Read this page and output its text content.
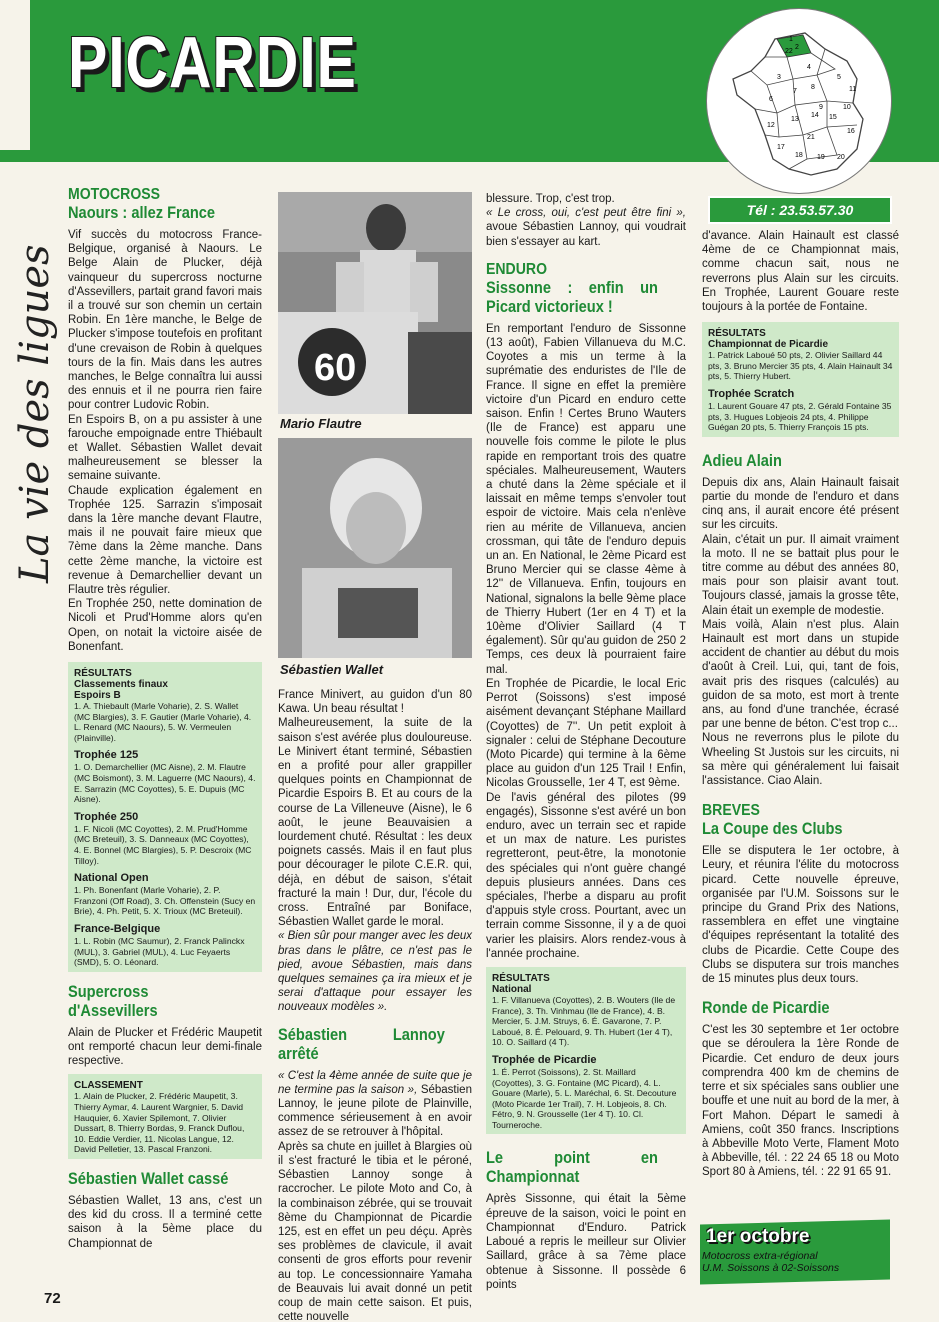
PICARDIE	22
2
3
4
5
6
7
8
9	10
11
12
13
14 15
16
17
18 19 20
21
23
1
Tél : 23.53.57.30
La vie des ligues
MOTOCROSS
Naours : allez France

Vif succès du motocross France-Belgique, organisé à Naours. Le Belge Alain de Plucker, déjà vainqueur du supercross nocturne d'Assevillers, partait grand favori mais il a trouvé sur son chemin un certain Robin. En 1ère manche, le Belge de Plucker s'impose toutefois en profitant d'une crevaison de Robin à quelques tours de la fin. Mais dans les autres manches, le Belge connaîtra lui aussi des ennuis et il ne pourra rien faire pour contrer Ludovic Robin.

En Espoirs B, on a pu assister à une farouche empoignade entre Thiébault et Wallet. Sébastien Wallet devait malheureusement se blesser la semaine suivante.

Chaude explication également en Trophée 125. Sarrazin s'imposait dans la 1ère manche devant Flautre, mais il ne pouvait faire mieux que 7ème dans la 2ème manche. Dans cette 2ème manche, la victoire est revenue à Demarchellier devant un Flautre très régulier.

En Trophée 250, nette domination de Nicoli et Prud'Homme alors qu'en Open, on notait la victoire aisée de Bonenfant.

RÉSULTATS
Classements finaux
Espoirs B
1. A. Thiebault (Marle Voharie), 2. S. Wallet (MC Blargies), 3. F. Gautier (Marle Voharie), 4. L. Renard (MC Naours), 5. W. Vermeulen (Plainville).
Trophée 125
1. O. Demarchellier (MC Aisne), 2. M. Flautre (MC Boismont), 3. M. Laguerre (MC Naours), 4. E. Sarrazin (MC Coyottes), 5. E. Dupuis (MC Aisne).
Trophée 250
1. F. Nicoli (MC Coyottes), 2. M. Prud'Homme (MC Breteuil), 3. S. Danneaux (MC Coyottes), 4. E. Bonnel (MC Blargies), 5. P. Descroix (MC Tilloy).
National Open
1. Ph. Bonenfant (Marle Voharie), 2. P. Franzoni (Off Road), 3. Ch. Offenstein (Sucy en Brie), 4. Ph. Petit, 5. X. Trioux (MC Breteuil).
France-Belgique
1. L. Robin (MC Saumur), 2. Franck Palinckx (MUL), 3. Gabriel (MUL), 4. Luc Feyaerts (SMD), 5. O. Léonard.
Supercross d'Assevillers

Alain de Plucker et Frédéric Maupetit ont remporté chacun leur demi-finale respective.

CLASSEMENT
1. Alain de Plucker, 2. Frédéric Maupetit, 3. Thierry Aymar, 4. Laurent Wargnier, 5. David Hauquier, 6. Xavier Spilemont, 7. Olivier Dussart, 8. Thierry Bordas, 9. Franck Duflou, 10. Eddie Verdier, 11. Nicolas Langue, 12. David Pelletier, 13. Pascal Franzoni.
Sébastien Wallet cassé

Sébastien Wallet, 13 ans, c'est un des kid du cross. Il a terminé cette saison à la 5ème place du Championnat de

60
Mario Flautre
Sébastien Wallet

France Minivert, au guidon d'un 80 Kawa. Un beau résultat !

Malheureusement, la suite de la saison s'est avérée plus douloureuse. Le Minivert étant terminé, Sébastien en a profité pour aller grappiller quelques points en Championnat de Picardie Espoirs B. Et au cours de la course de La Villeneuve (Aisne), le 6 août, le jeune Beauvaisien a lourdement chuté. Résultat : les deux poignets cassés. Mais il en faut plus pour décourager le pilote C.E.R. qui, déjà, en début de saison, s'était fracturé la main ! Dur, dur, l'école du cross. Entraîné par Boniface, Sébastien Wallet garde le moral.

« Bien sûr pour manger avec les deux bras dans le plâtre, ce n'est pas le pied, avoue Sébastien, mais dans quelques semaines ça ira mieux et je serai d'attaque pour essayer les nouveaux modèles ».

Sébastien Lannoy arrêté

« C'est la 4ème année de suite que je ne termine pas la saison », Sébastien Lannoy, le jeune pilote de Plainville, commence sérieusement à en avoir assez de se retrouver à l'hôpital.

Après sa chute en juillet à Blargies où il s'est fracturé le tibia et le péroné, Sébastien Lannoy songe à raccrocher. Le pilote Moto and Co, à la combinaison zébrée, qui se trouvait 8ème du Championnat de Picardie 125, est en effet un peu déçu. Après ses problèmes de clavicule, il avait consenti de gros efforts pour revenir au top. Le concessionnaire Yamaha de Beauvais lui avait donné un petit coup de main cette saison. Et puis, cette nouvelle

blessure. Trop, c'est trop.

« Le cross, oui, c'est peut être fini », avoue Sébastien Lannoy, qui voudrait bien s'essayer au kart.

ENDURO
Sissonne : enfin un Picard victorieux !

En remportant l'enduro de Sissonne (13 août), Fabien Villanueva du M.C. Coyotes a mis un terme à la suprématie des enduristes de l'Ile de France. Il signe en effet la première victoire d'un Picard en enduro cette saison. Enfin ! Certes Bruno Wauters (Ile de France) est apparu une nouvelle fois comme le pilote le plus rapide en remportant trois des quatre spéciales. Malheureusement, Wauters a chuté dans la 2ème spéciale et il laissait en même temps s'envoler tout espoir de victoire. Mais cela n'enlève rien au mérite de Villanueva, ancien crossman, qui tâte de l'enduro depuis un an. En National, le 2ème Picard est Bruno Mercier qui se classe 4ème à 12'' de Villanueva. Enfin, toujours en National, signalons la belle 9ème place de Thierry Hubert (1er en 4 T) et la 10ème d'Olivier Saillard (4 T également). Sûr qu'au guidon de 250 2 Temps, ces deux là pourraient faire mal.

En Trophée de Picardie, le local Eric Perrot (Soissons) s'est imposé aisément devançant Stéphane Maillard (Coyottes) de 7''. Un petit exploit à signaler : celui de Stéphane Decouture (Moto Picarde) qui termine à la 6ème place au guidon d'un 125 Trail ! Enfin, Nicolas Grousselle, 1er 4 T, est 9ème.

De l'avis général des pilotes (99 engagés), Sissonne s'est avéré un bon enduro, avec un terrain sec et rapide et un max de nature. Les puristes regretteront, peut-être, la monotonie des spéciales qui n'ont guère changé depuis plusieurs années. Dans ces spéciales, l'herbe a disparu au profit d'appuis style cross. Pourtant, avec un terrain comme Sissonne, il y a de quoi varier les plaisirs. Alors rendez-vous à l'année prochaine.

RÉSULTATS
National
1. F. Villanueva (Coyottes), 2. B. Wouters (Ile de France), 3. Th. Vinhmau (Ile de France), 4. B. Mercier, 5. J.M. Struys, 6. É. Gavarone, 7. P. Laboué, 8. É. Pelouard, 9. Th. Hubert (1er 4 T), 10. O. Saillard (4 T).
Trophée de Picardie
1. É. Perrot (Soissons), 2. St. Maillard (Coyottes), 3. G. Fontaine (MC Picard), 4. L. Gouare (Marle), 5. L. Maréchal, 6. St. Decouture (Moto Picarde 1er Trail), 7. H. Lobjeois, 8. Ch. Fétro, 9. N. Grousselle (1er 4 T). 10. Cl. Tourneroche.
Le point en Championnat

Après Sissonne, qui était la 5ème épreuve de la saison, voici le point en Championnat d'Enduro. Patrick Laboué a repris le meilleur sur Olivier Saillard, grâce à sa 7ème place obtenue à Sissonne. Il possède 6 points

d'avance. Alain Hainault est classé 4ème de ce Championnat mais, comme chacun sait, nous ne reverrons plus Alain sur les circuits. En Trophée, Laurent Gouare reste toujours à la portée de Fontaine.

RÉSULTATS
Championnat de Picardie
1. Patrick Laboué 50 pts, 2. Olivier Saillard 44 pts, 3. Bruno Mercier 35 pts, 4. Alain Hainault 34 pts, 5. Thierry Hubert.
Trophée Scratch
1. Laurent Gouare 47 pts, 2. Gérald Fontaine 35 pts, 3. Hugues Lobjeois 24 pts, 4. Philippe Guégan 20 pts, 5. Thierry François 15 pts.
Adieu Alain

Depuis dix ans, Alain Hainault faisait partie du monde de l'enduro et dans cinq ans, il aurait encore été présent sur les circuits.

Alain, c'était un pur. Il aimait vraiment la moto. Il ne se battait plus pour le titre comme au début des années 80, mais pour son plaisir avant tout. Toujours classé, jamais la grosse tête, Alain était un exemple de modestie.

Mais voilà, Alain n'est plus. Alain Hainault est mort dans un stupide accident de chantier au début du mois d'août à Creil. Lui, qui, tant de fois, avait pris des risques (calculés) au guidon de sa moto, est mort à trente ans, au fond d'une tranchée, écrasé par une benne de béton. C'est trop c...

Nous ne reverrons plus le pilote du Wheeling St Justois sur les circuits, ni sa mère qui généralement lui faisait l'assistance. Ciao Alain.

BREVES
La Coupe des Clubs

Elle se disputera le 1er octobre, à Leury, et réunira l'élite du motocross picard. Cette nouvelle épreuve, organisée par l'U.M. Soissons sur le principe du Grand Prix des Nations, rassemblera en effet une vingtaine d'équipes représentant la totalité des clubs de Picardie. Cette Coupe des Clubs se disputera sur trois manches de 15 minutes plus deux tours.

Ronde de Picardie

C'est les 30 septembre et 1er octobre que se déroulera la 1ère Ronde de Picardie. Cet enduro de deux jours comprendra 400 km de chemins de terre et six spéciales sans oublier une bouffe et une nuit au bord de la mer, à Fort Mahon. Départ le samedi à Amiens, coût 350 francs. Inscriptions à Abbeville Moto Verte, Flament Moto à Abbeville, tél. : 22 24 65 18 ou Moto Sport 80 à Amiens, tél. : 22 91 65 91.

1er octobre
Motocross extra-régional
U.M. Soissons à 02-Soissons
72
